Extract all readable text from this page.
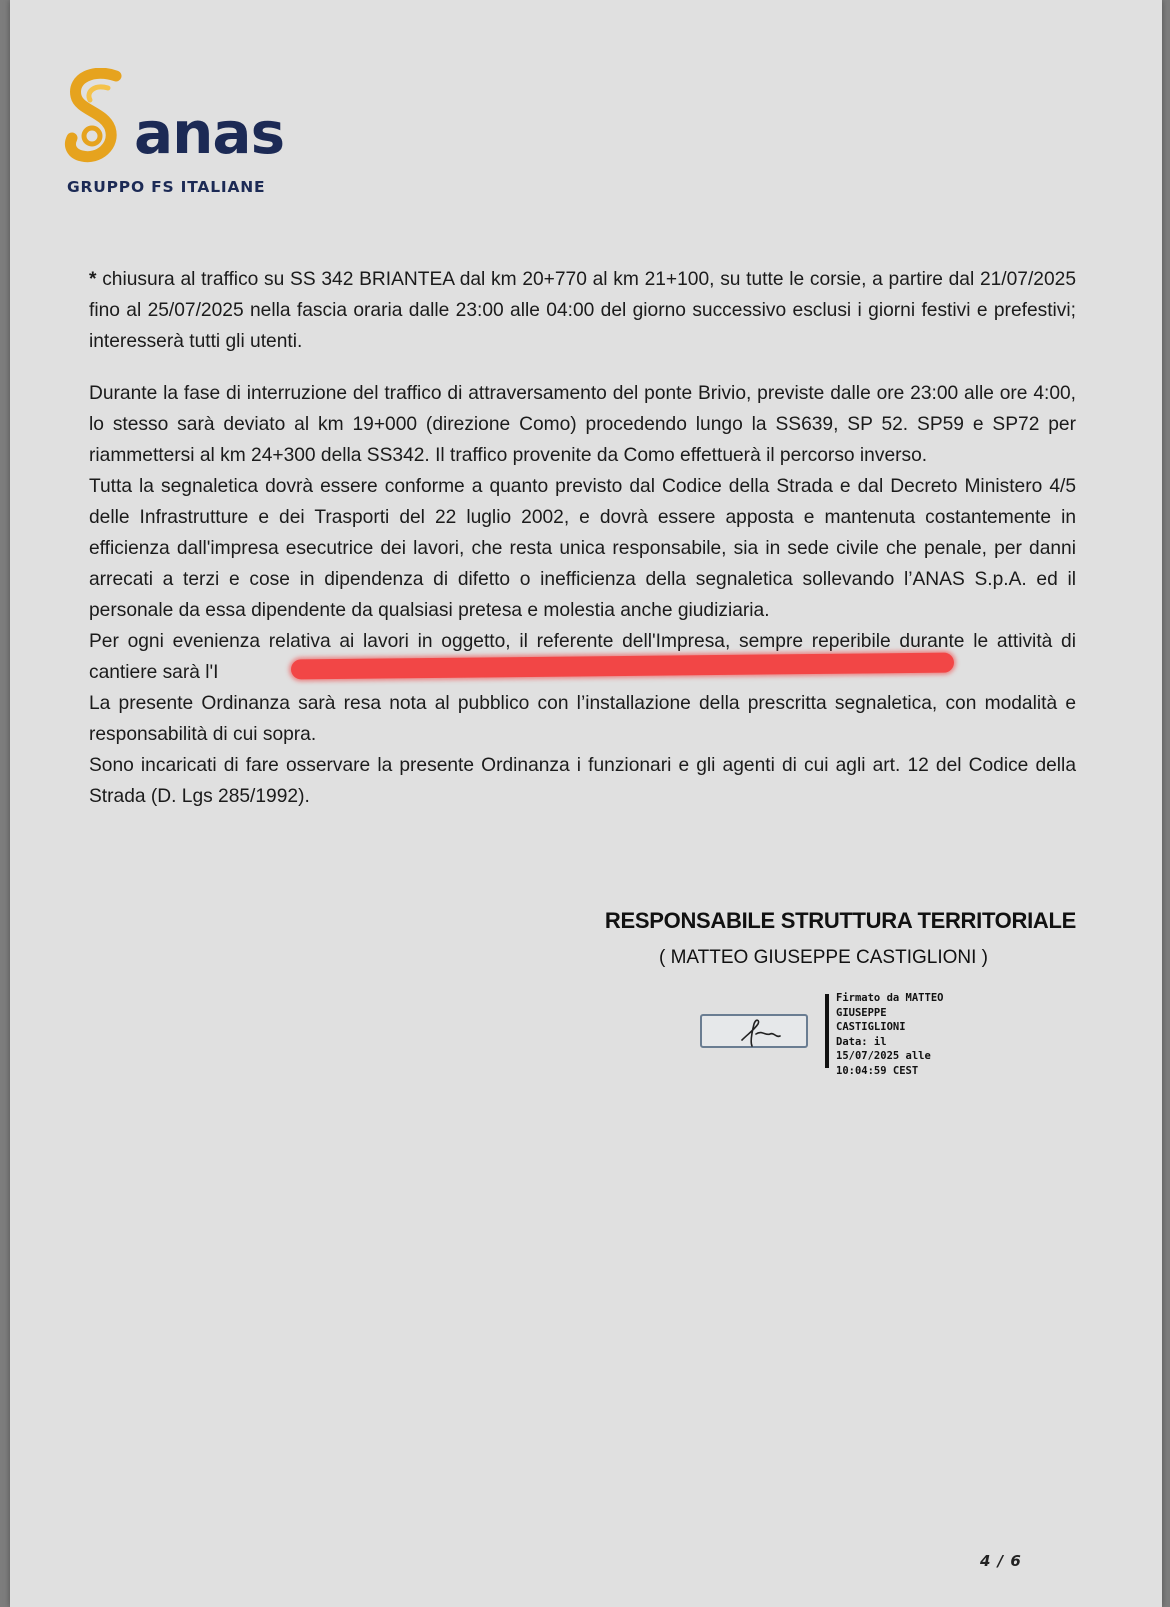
anas
GRUPPO FS ITALIANE

* chiusura al traffico su SS 342 BRIANTEA dal km 20+770 al km 21+100, su tutte le corsie, a partire dal 21/07/2025 fino al 25/07/2025 nella fascia oraria dalle 23:00 alle 04:00 del giorno successivo esclusi i giorni festivi e prefestivi; interesserà tutti gli utenti.

Durante la fase di interruzione del traffico di attraversamento del ponte Brivio, previste dalle ore 23:00 alle ore 4:00, lo stesso sarà deviato al km 19+000 (direzione Como) procedendo lungo la SS639, SP 52. SP59 e SP72 per riammettersi al km 24+300 della SS342. Il traffico provenite da Como effettuerà il percorso inverso.

Tutta la segnaletica dovrà essere conforme a quanto previsto dal Codice della Strada e dal Decreto Ministero 4/5 delle Infrastrutture e dei Trasporti del 22 luglio 2002, e dovrà essere apposta e mantenuta costantemente in efficienza dall'impresa esecutrice dei lavori, che resta unica responsabile, sia in sede civile che penale, per danni arrecati a terzi e cose in dipendenza di difetto o inefficienza della segnaletica sollevando l’ANAS S.p.A. ed il personale da essa dipendente da qualsiasi pretesa e molestia anche giudiziaria.

Per ogni evenienza relativa ai lavori in oggetto, il referente dell'Impresa, sempre reperibile durante le attività di cantiere sarà l'I

La presente Ordinanza sarà resa nota al pubblico con l’installazione della prescritta segnaletica, con modalità e responsabilità di cui sopra.

Sono incaricati di fare osservare la presente Ordinanza i funzionari e gli agenti di cui agli art. 12 del Codice della Strada (D. Lgs 285/1992).

RESPONSABILE STRUTTURA TERRITORIALE
( MATTEO GIUSEPPE CASTIGLIONI )
Firmato da MATTEO
GIUSEPPE
CASTIGLIONI
Data: il
15/07/2025 alle
10:04:59 CEST
4 / 6
